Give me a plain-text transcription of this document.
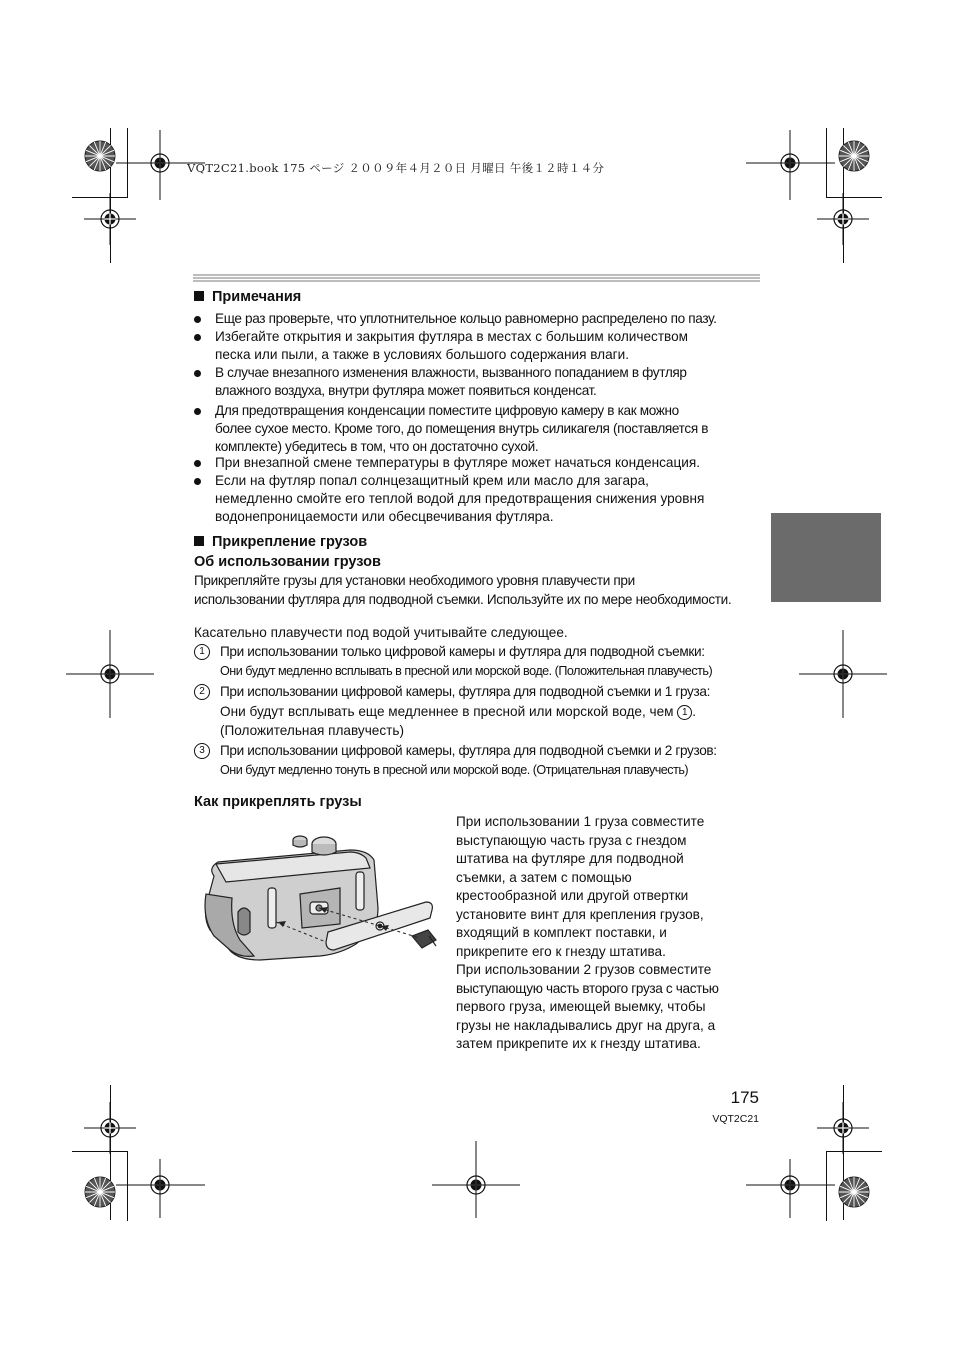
VQT2C21.book 175 ページ ２００９年４月２０日 月曜日 午後１２時１４分
Примечания
Еще раз проверьте, что уплотнительное кольцо равномерно распределено по пазу.
Избегайте открытия и закрытия футляра в местах с большим количеством
песка или пыли, а также в условиях большого содержания влаги.
В случае внезапного изменения влажности, вызванного попаданием в футляр
влажного воздуха, внутри футляра может появиться конденсат.
Для предотвращения конденсации поместите цифровую камеру в как можно
более сухое место. Кроме того, до помещения внутрь силикагеля (поставляется в
комплекте) убедитесь в том, что он достаточно сухой.
При внезапной смене температуры в футляре может начаться конденсация.
Если на футляр попал солнцезащитный крем или масло для загара,
немедленно смойте его теплой водой для предотвращения снижения уровня
водонепроницаемости или обесцвечивания футляра.
Прикрепление грузов
Об использовании грузов
Прикрепляйте грузы для установки необходимого уровня плавучести при
использовании футляра для подводной съемки. Используйте их по мере необходимости.
Касательно плавучести под водой учитывайте следующее.
1	При использовании только цифровой камеры и футляра для подводной съемки:
Они будут медленно всплывать в пресной или морской воде. (Положительная плавучесть)
2	При использовании цифровой камеры, футляра для подводной съемки и 1 груза:
Они будут всплывать еще медленнее в пресной или морской воде, чем 1 .
(Положительная плавучесть)
3	При использовании цифровой камеры, футляра для подводной съемки и 2 грузов:
Они будут медленно тонуть в пресной или морской воде. (Отрицательная плавучесть)
Как прикреплять грузы
При использовании 1 груза совместите
выступающую часть груза с гнездом
штатива на футляре для подводной
съемки, а затем с помощью
крестообразной или другой отвертки
установите винт для крепления грузов,
входящий в комплект поставки, и
прикрепите его к гнезду штатива.
При использовании 2 грузов совместите
выступающую часть второго груза с частью
первого груза, имеющей выемку, чтобы
грузы не накладывались друг на друга, а
затем прикрепите их к гнезду штатива.
175
VQT2C21
